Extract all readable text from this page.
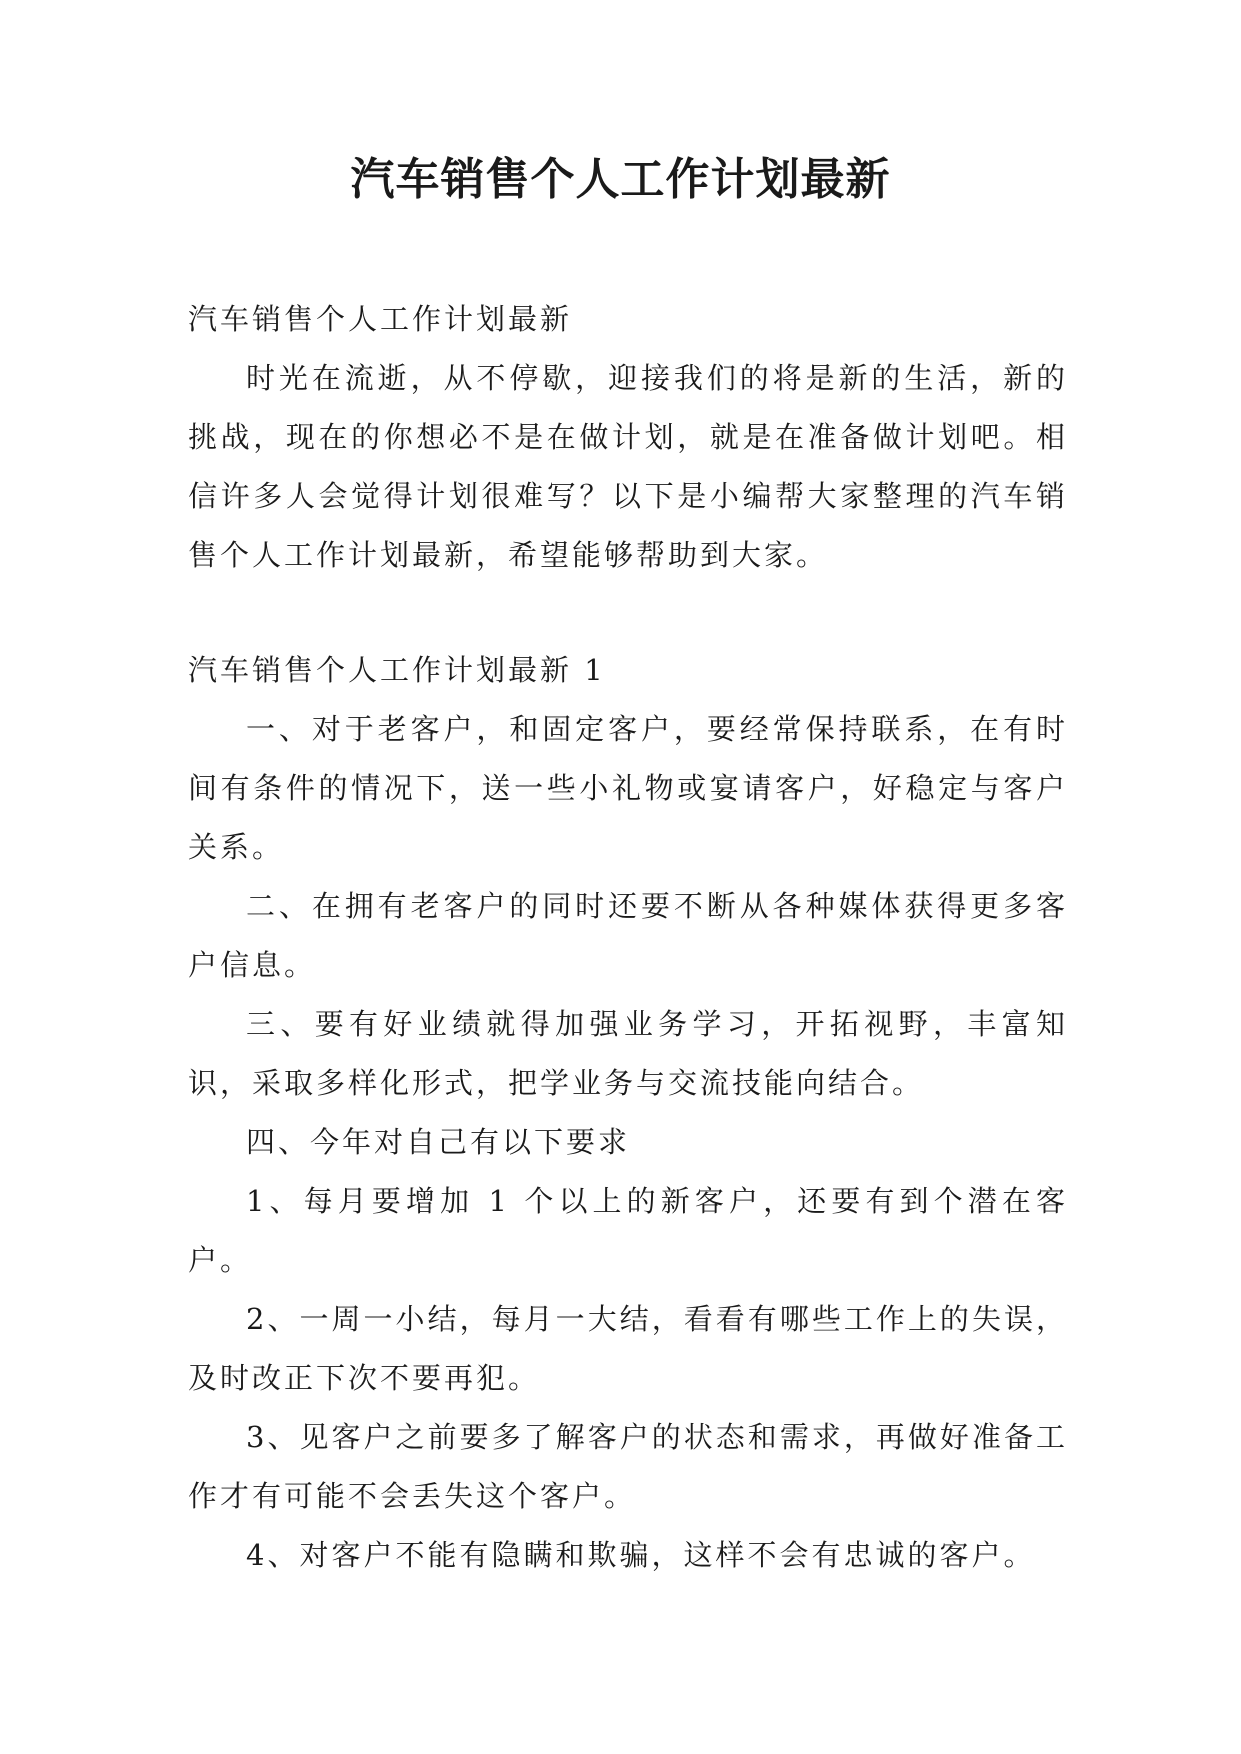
汽车销售个人工作计划最新

汽车销售个人工作计划最新

时光在流逝，从不停歇，迎接我们的将是新的生活，新的挑战，现在的你想必不是在做计划，就是在准备做计划吧。相信许多人会觉得计划很难写？以下是小编帮大家整理的汽车销售个人工作计划最新，希望能够帮助到大家。

汽车销售个人工作计划最新 1

一、对于老客户，和固定客户，要经常保持联系，在有时间有条件的情况下，送一些小礼物或宴请客户，好稳定与客户关系。

二、在拥有老客户的同时还要不断从各种媒体获得更多客户信息。

三、要有好业绩就得加强业务学习，开拓视野，丰富知识，采取多样化形式，把学业务与交流技能向结合。

四、今年对自己有以下要求

1、每月要增加 1 个以上的新客户，还要有到个潜在客户。

2、一周一小结，每月一大结，看看有哪些工作上的失误，及时改正下次不要再犯。

3、见客户之前要多了解客户的状态和需求，再做好准备工作才有可能不会丢失这个客户。

4、对客户不能有隐瞒和欺骗，这样不会有忠诚的客户。
